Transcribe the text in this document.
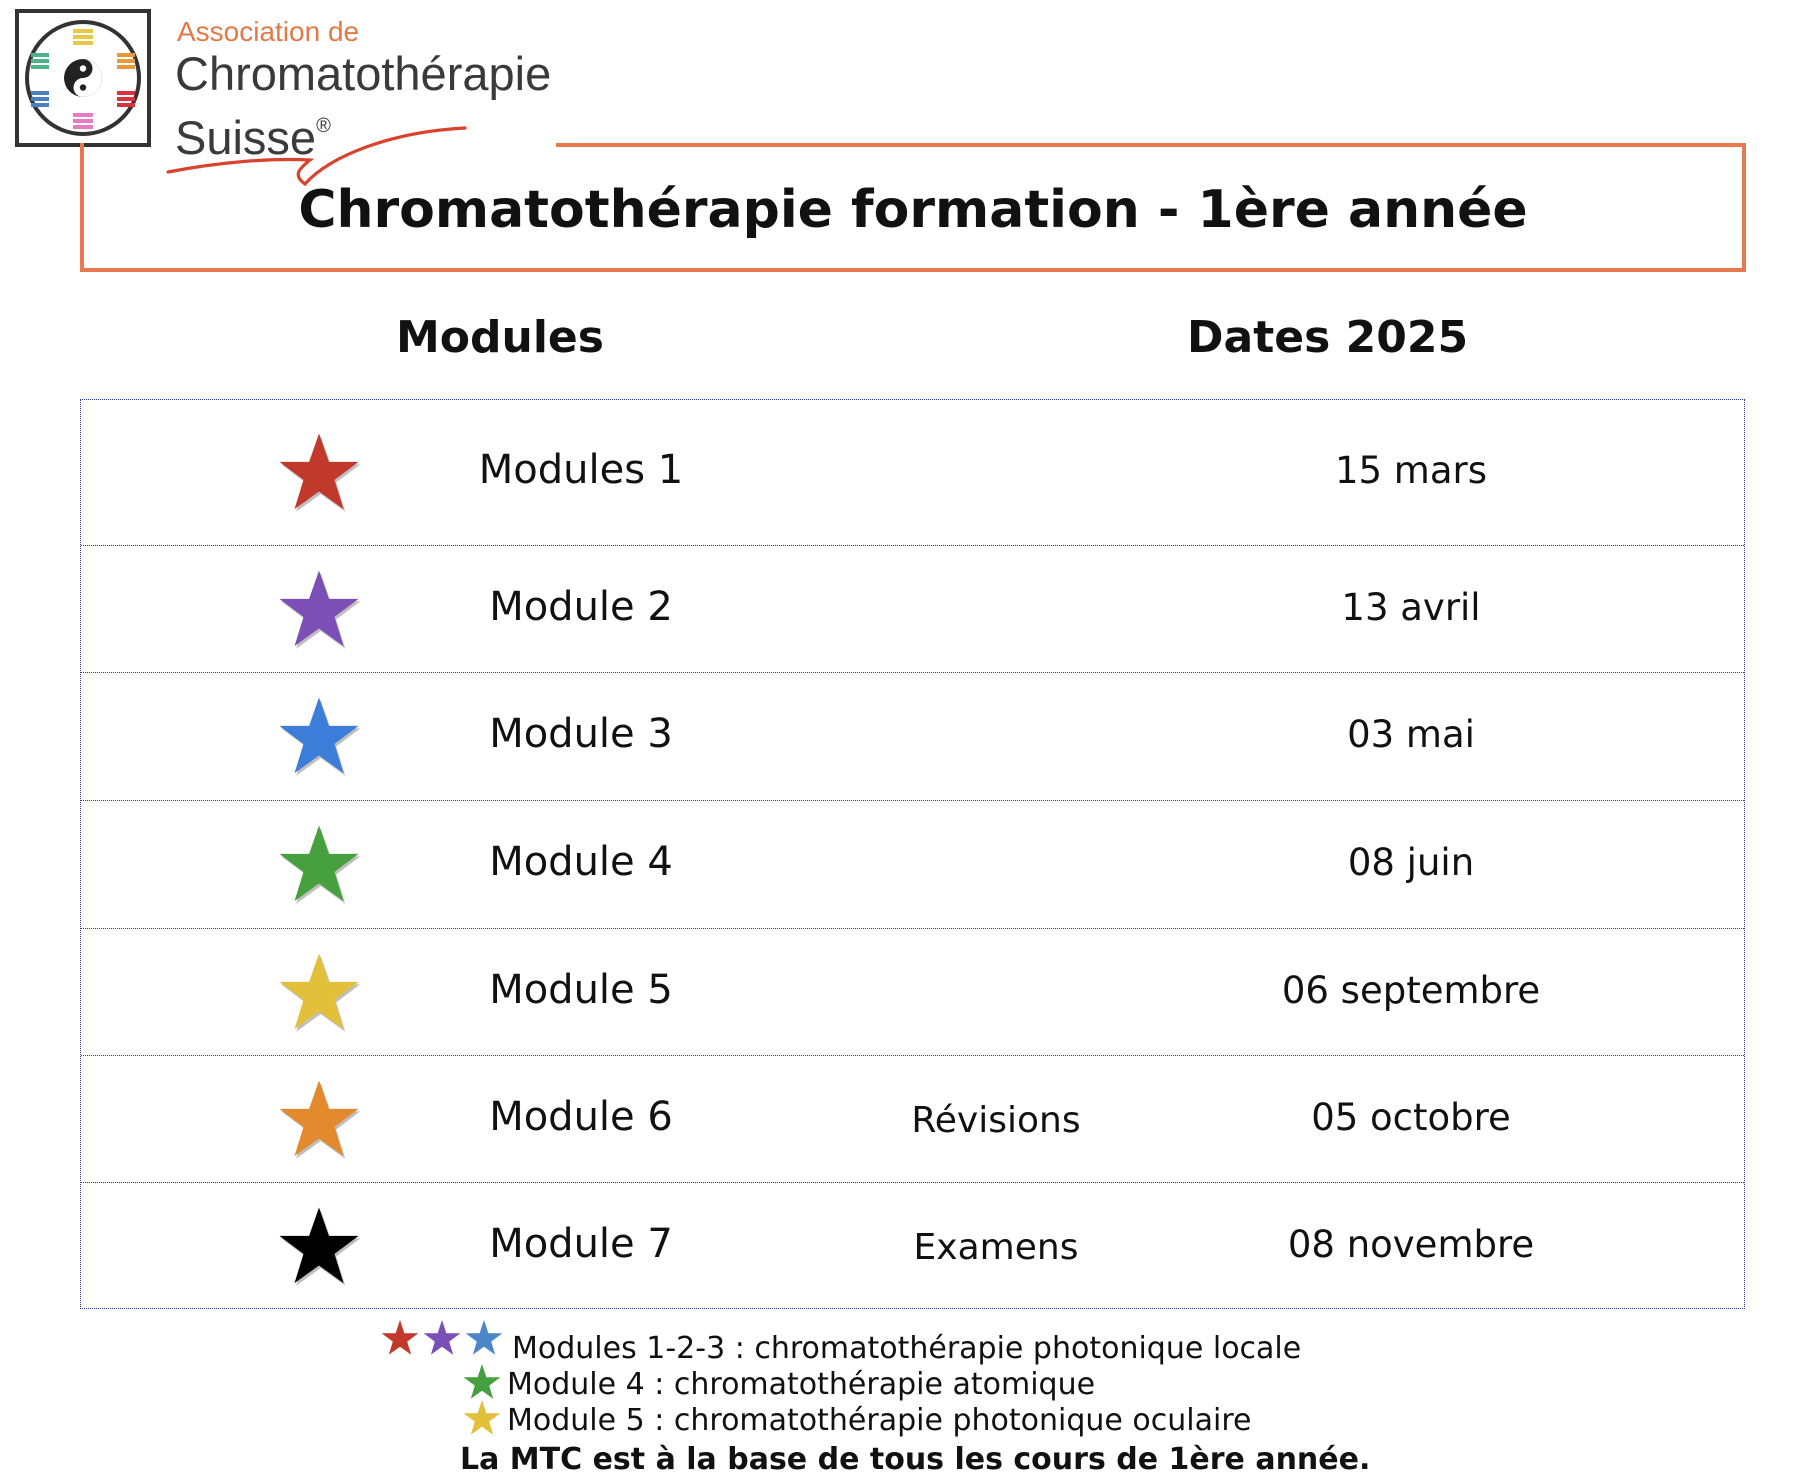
Association de

Chromatothérapie

Suisse®

Chromatothérapie formation - 1ère année

Modules	Dates 2025

Modules 1	15 mars

Module 2	13 avril

Module 3	03 mai

Module 4	08 juin

Module 5	06 septembre

Module 6	Révisions	05 octobre

Module 7	Examens	08 novembre

Modules 1-2-3 : chromatothérapie photonique locale

Module 4 : chromatothérapie atomique

Module 5 : chromatothérapie photonique oculaire

La MTC est à la base de tous les cours de 1ère année.
